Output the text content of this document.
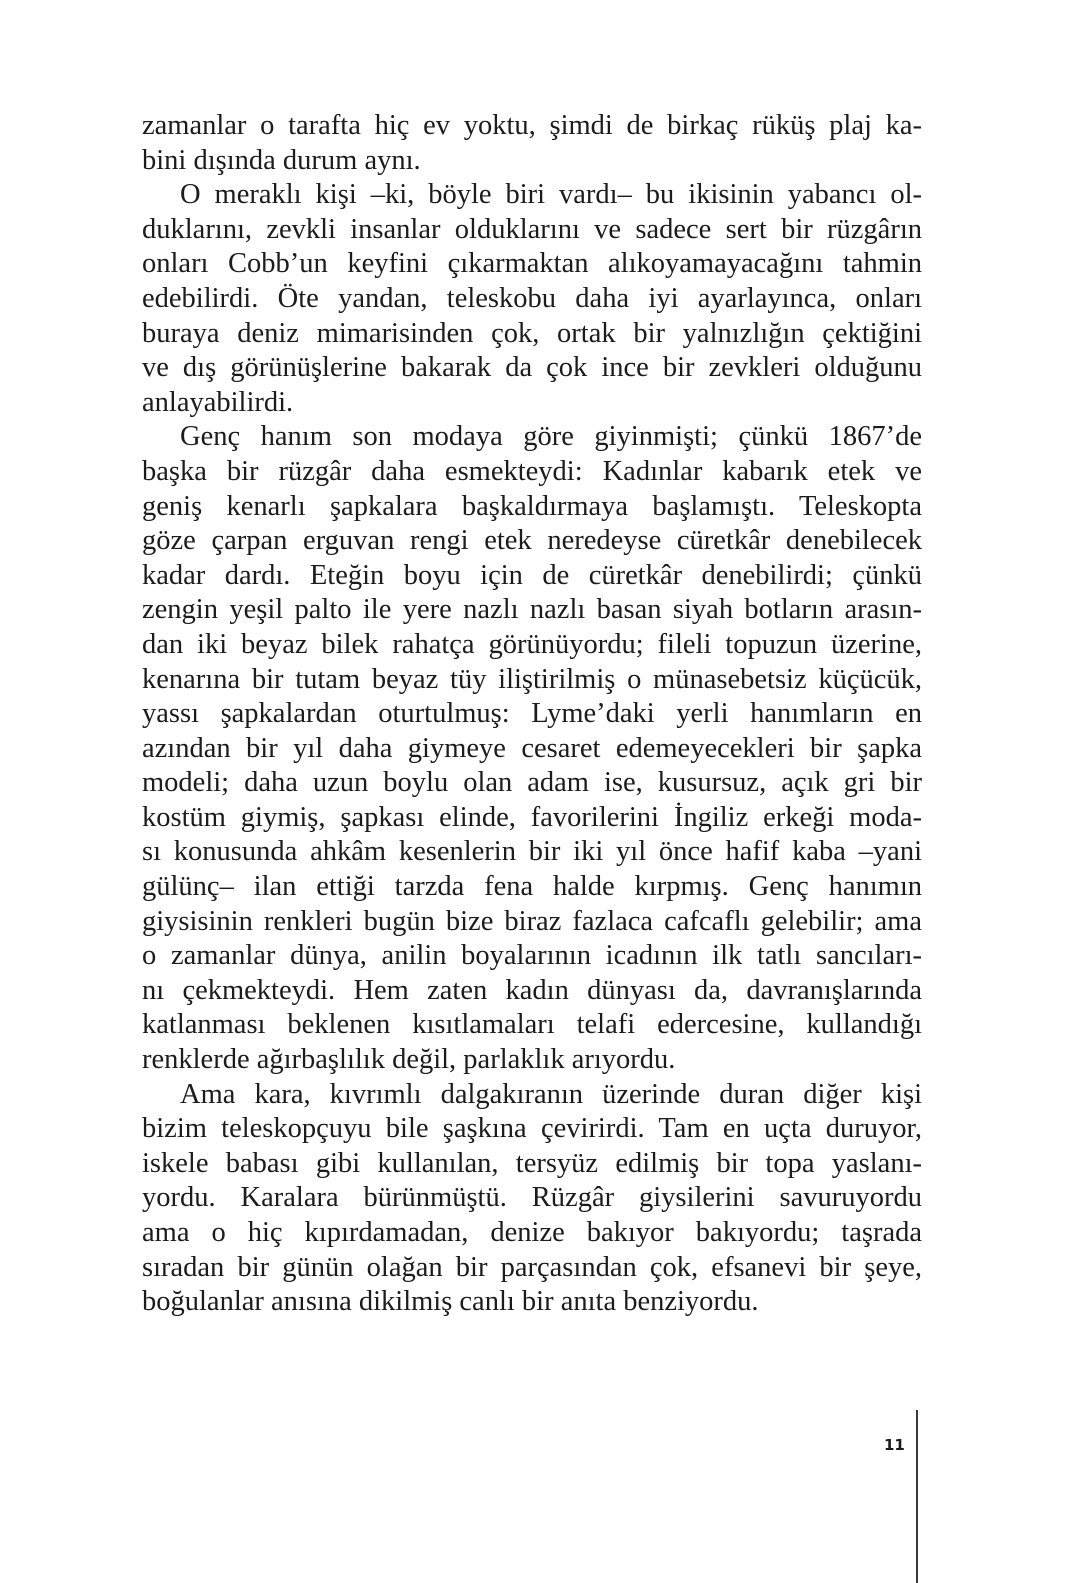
zamanlar o tarafta hiç ev yoktu, şimdi de birkaç rüküş plaj ka-
bini dışında durum aynı.
O meraklı kişi –ki, böyle biri vardı– bu ikisinin yabancı ol-
duklarını, zevkli insanlar olduklarını ve sadece sert bir rüzgârın
onları Cobb’un keyfini çıkarmaktan alıkoyamayacağını tahmin
edebilirdi. Öte yandan, teleskobu daha iyi ayarlayınca, onları
buraya deniz mimarisinden çok, ortak bir yalnızlığın çektiğini
ve dış görünüşlerine bakarak da çok ince bir zevkleri olduğunu
anlayabilirdi.
Genç hanım son modaya göre giyinmişti; çünkü 1867’de
başka bir rüzgâr daha esmekteydi: Kadınlar kabarık etek ve
geniş kenarlı şapkalara başkaldırmaya başlamıştı. Teleskopta
göze çarpan erguvan rengi etek neredeyse cüretkâr denebilecek
kadar dardı. Eteğin boyu için de cüretkâr denebilirdi; çünkü
zengin yeşil palto ile yere nazlı nazlı basan siyah botların arasın-
dan iki beyaz bilek rahatça görünüyordu; fileli topuzun üzerine,
kenarına bir tutam beyaz tüy iliştirilmiş o münasebetsiz küçücük,
yassı şapkalardan oturtulmuş: Lyme’daki yerli hanımların en
azından bir yıl daha giymeye cesaret edemeyecekleri bir şapka
modeli; daha uzun boylu olan adam ise, kusursuz, açık gri bir
kostüm giymiş, şapkası elinde, favorilerini İngiliz erkeği moda-
sı konusunda ahkâm kesenlerin bir iki yıl önce hafif kaba –yani
gülünç– ilan ettiği tarzda fena halde kırpmış. Genç hanımın
giysisinin renkleri bugün bize biraz fazlaca cafcaflı gelebilir; ama
o zamanlar dünya, anilin boyalarının icadının ilk tatlı sancıları-
nı çekmekteydi. Hem zaten kadın dünyası da, davranışlarında
katlanması beklenen kısıtlamaları telafi edercesine, kullandığı
renklerde ağırbaşlılık değil, parlaklık arıyordu.
Ama kara, kıvrımlı dalgakıranın üzerinde duran diğer kişi
bizim teleskopçuyu bile şaşkına çevirirdi. Tam en uçta duruyor,
iskele babası gibi kullanılan, tersyüz edilmiş bir topa yaslanı-
yordu. Karalara bürünmüştü. Rüzgâr giysilerini savuruyordu
ama o hiç kıpırdamadan, denize bakıyor bakıyordu; taşrada
sıradan bir günün olağan bir parçasından çok, efsanevi bir şeye,
boğulanlar anısına dikilmiş canlı bir anıta benziyordu.
11
